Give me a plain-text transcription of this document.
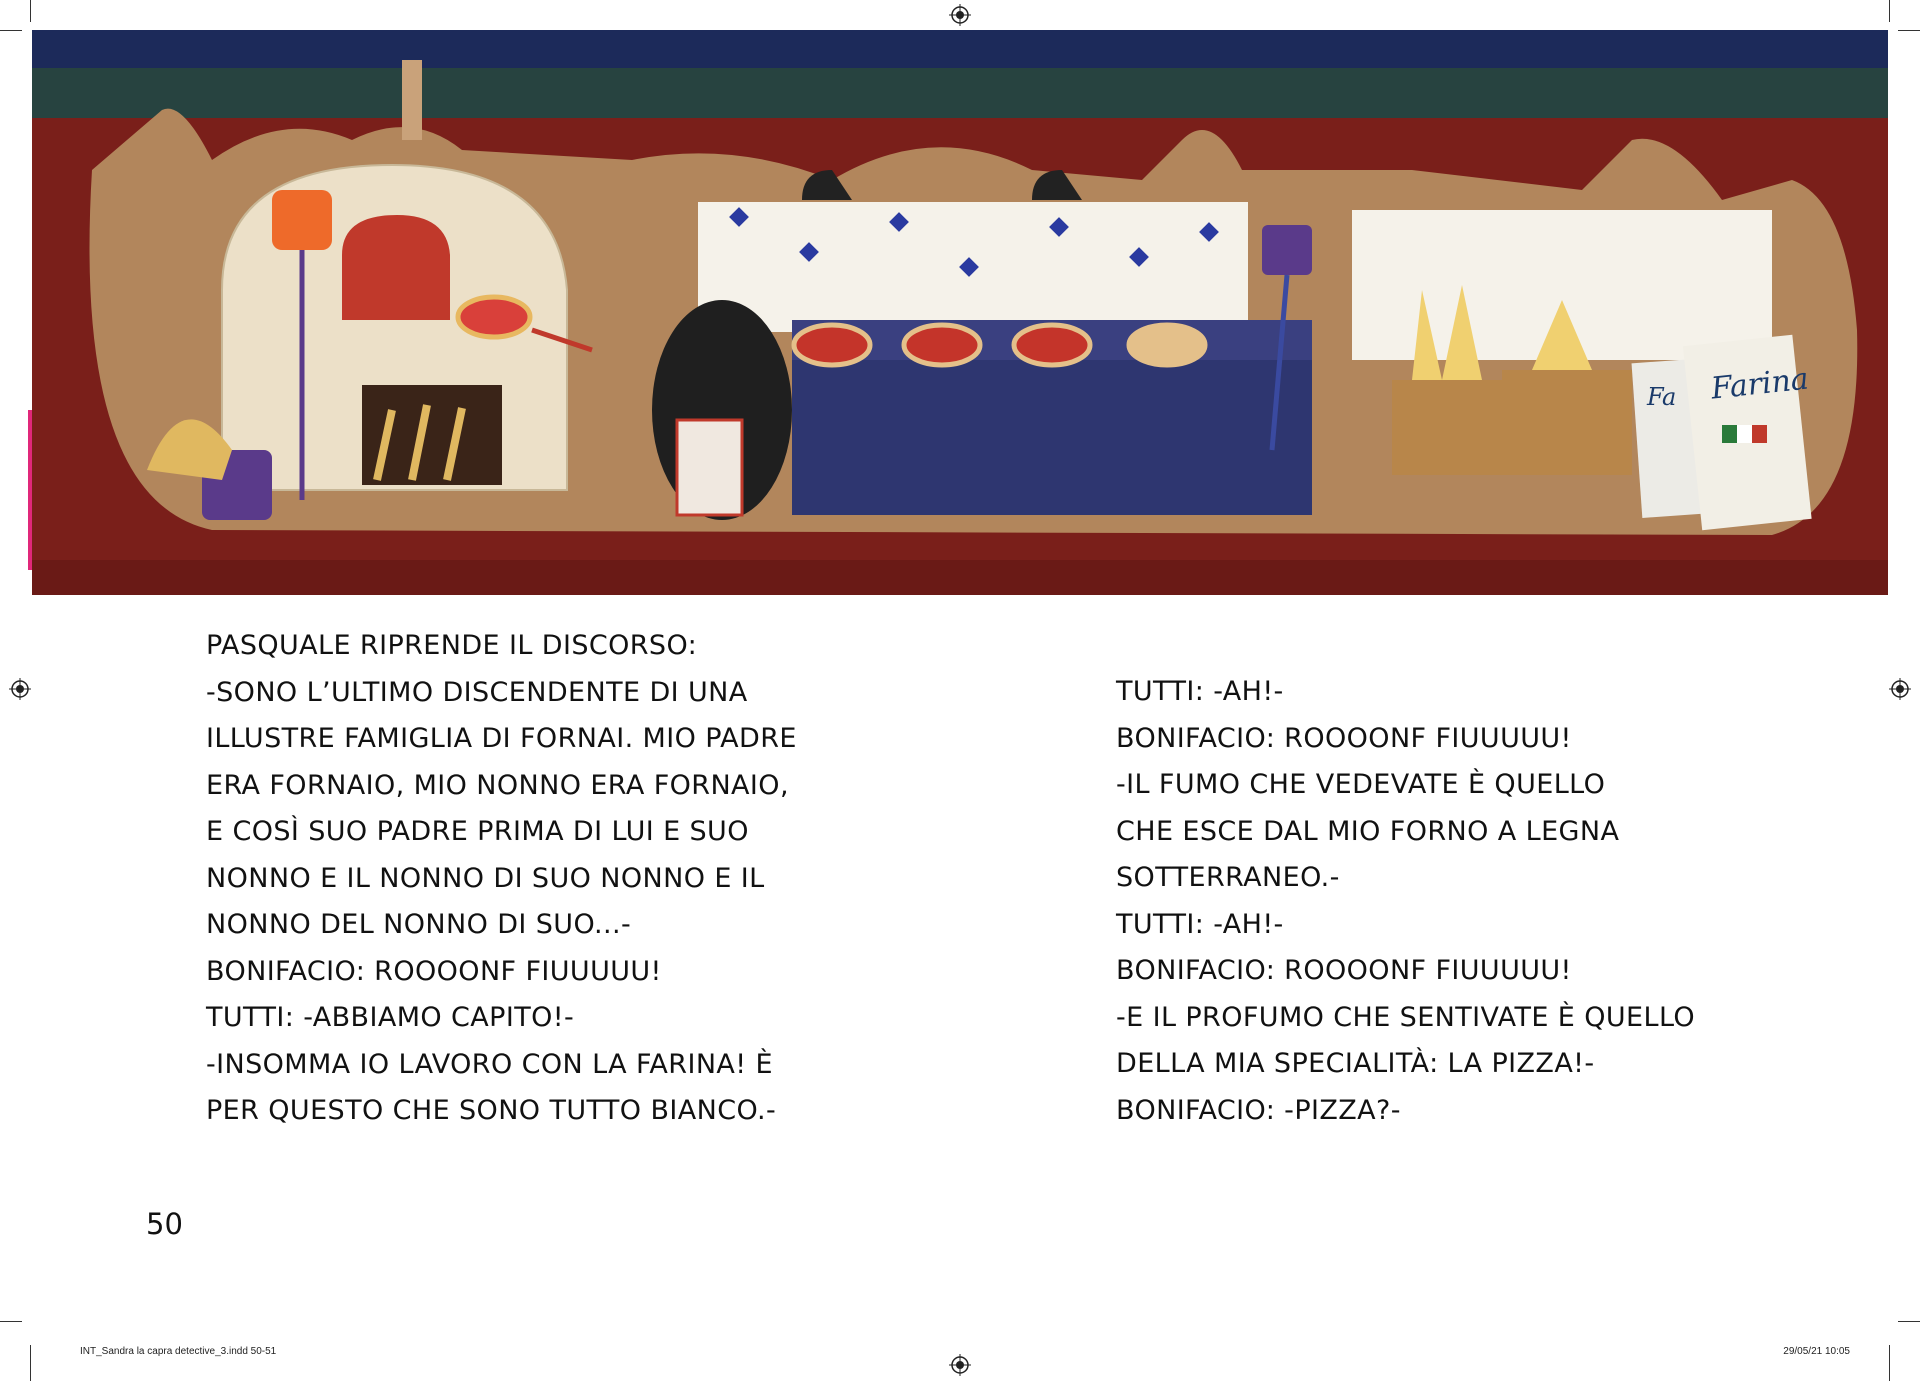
Fa Farina
PASQUALE RIPRENDE IL DISCORSO:
-SONO L’ULTIMO DISCENDENTE DI UNA
ILLUSTRE FAMIGLIA DI FORNAI. MIO PADRE
ERA FORNAIO, MIO NONNO ERA FORNAIO,
E COSÌ SUO PADRE PRIMA DI LUI E SUO
NONNO E IL NONNO DI SUO NONNO E IL
NONNO DEL NONNO DI SUO...-
BONIFACIO: ROOOONF FIUUUUU!
TUTTI: -ABBIAMO CAPITO!-
-INSOMMA IO LAVORO CON LA FARINA! È
PER QUESTO CHE SONO TUTTO BIANCO.-
TUTTI: -AH!-
BONIFACIO: ROOOONF FIUUUUU!
-IL FUMO CHE VEDEVATE È QUELLO
CHE ESCE DAL MIO FORNO A LEGNA
SOTTERRANEO.-
TUTTI: -AH!-
BONIFACIO: ROOOONF FIUUUUU!
-E IL PROFUMO CHE SENTIVATE È QUELLO
DELLA MIA SPECIALITÀ: LA PIZZA!-
BONIFACIO: -PIZZA?-
50
INT_Sandra la capra detective_3.indd 50-51	29/05/21 10:05
